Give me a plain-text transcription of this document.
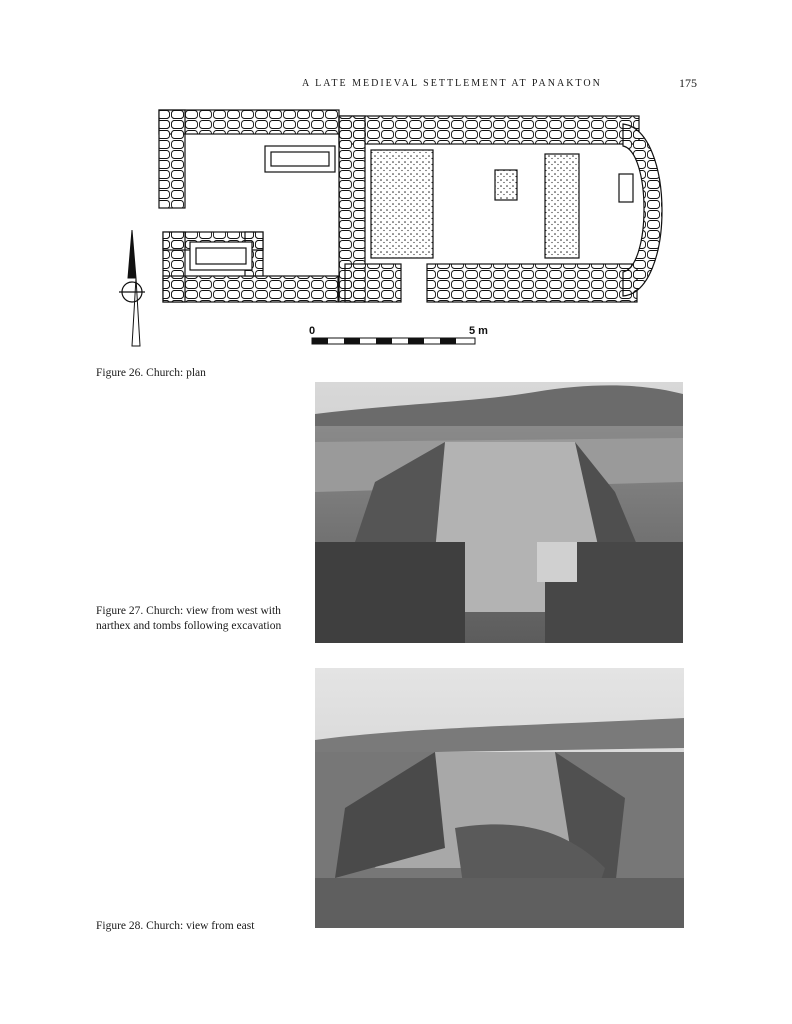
A LATE MEDIEVAL SETTLEMENT AT PANAKTON	175
0	5 m
Figure 26. Church: plan
Figure 27. Church: view from west with narthex and tombs following excavation
Figure 28. Church: view from east
